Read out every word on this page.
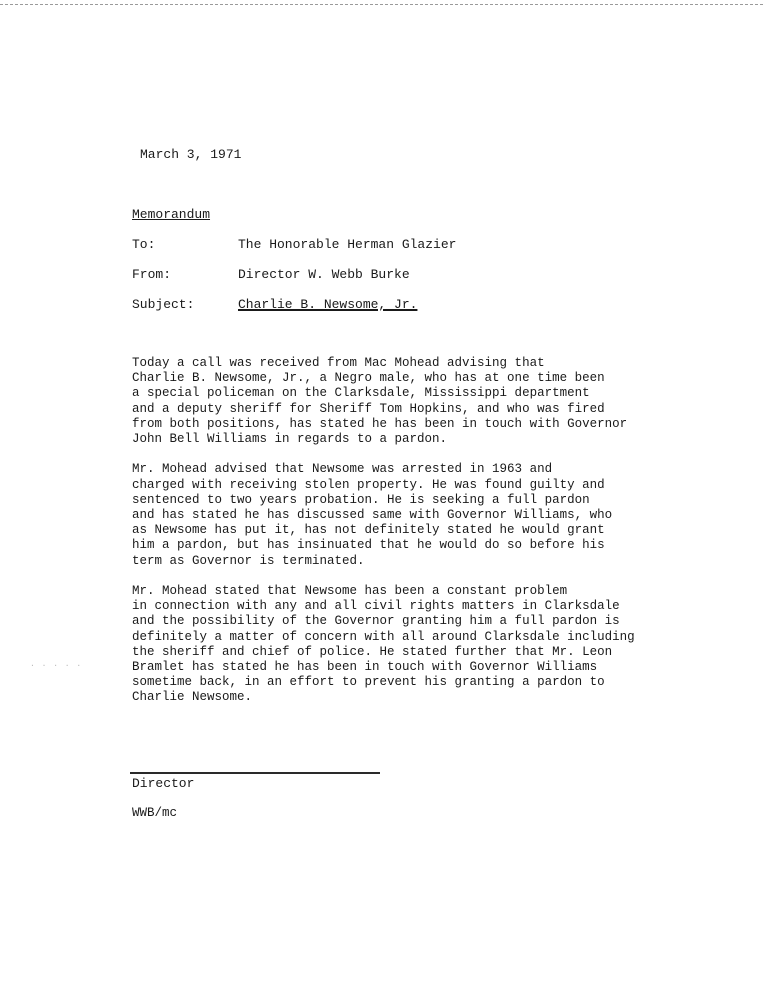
March 3, 1971
Memorandum
To:	The Honorable Herman Glazier
From:	Director W. Webb Burke
Subject:	Charlie B. Newsome, Jr.

Today a call was received from Mac Mohead advising that
Charlie B. Newsome, Jr., a Negro male, who has at one time been
a special policeman on the Clarksdale, Mississippi department
and a deputy sheriff for Sheriff Tom Hopkins, and who was fired
from both positions, has stated he has been in touch with Governor
John Bell Williams in regards to a pardon.

Mr. Mohead advised that Newsome was arrested in 1963 and
charged with receiving stolen property. He was found guilty and
sentenced to two years probation. He is seeking a full pardon
and has stated he has discussed same with Governor Williams, who
as Newsome has put it, has not definitely stated he would grant
him a pardon, but has insinuated that he would do so before his
term as Governor is terminated.

Mr. Mohead stated that Newsome has been a constant problem
in connection with any and all civil rights matters in Clarksdale
and the possibility of the Governor granting him a full pardon is
definitely a matter of concern with all around Clarksdale including
the sheriff and chief of police. He stated further that Mr. Leon
Bramlet has stated he has been in touch with Governor Williams
sometime back, in an effort to prevent his granting a pardon to
Charlie Newsome.

. . . . .
Director
WWB/mc
